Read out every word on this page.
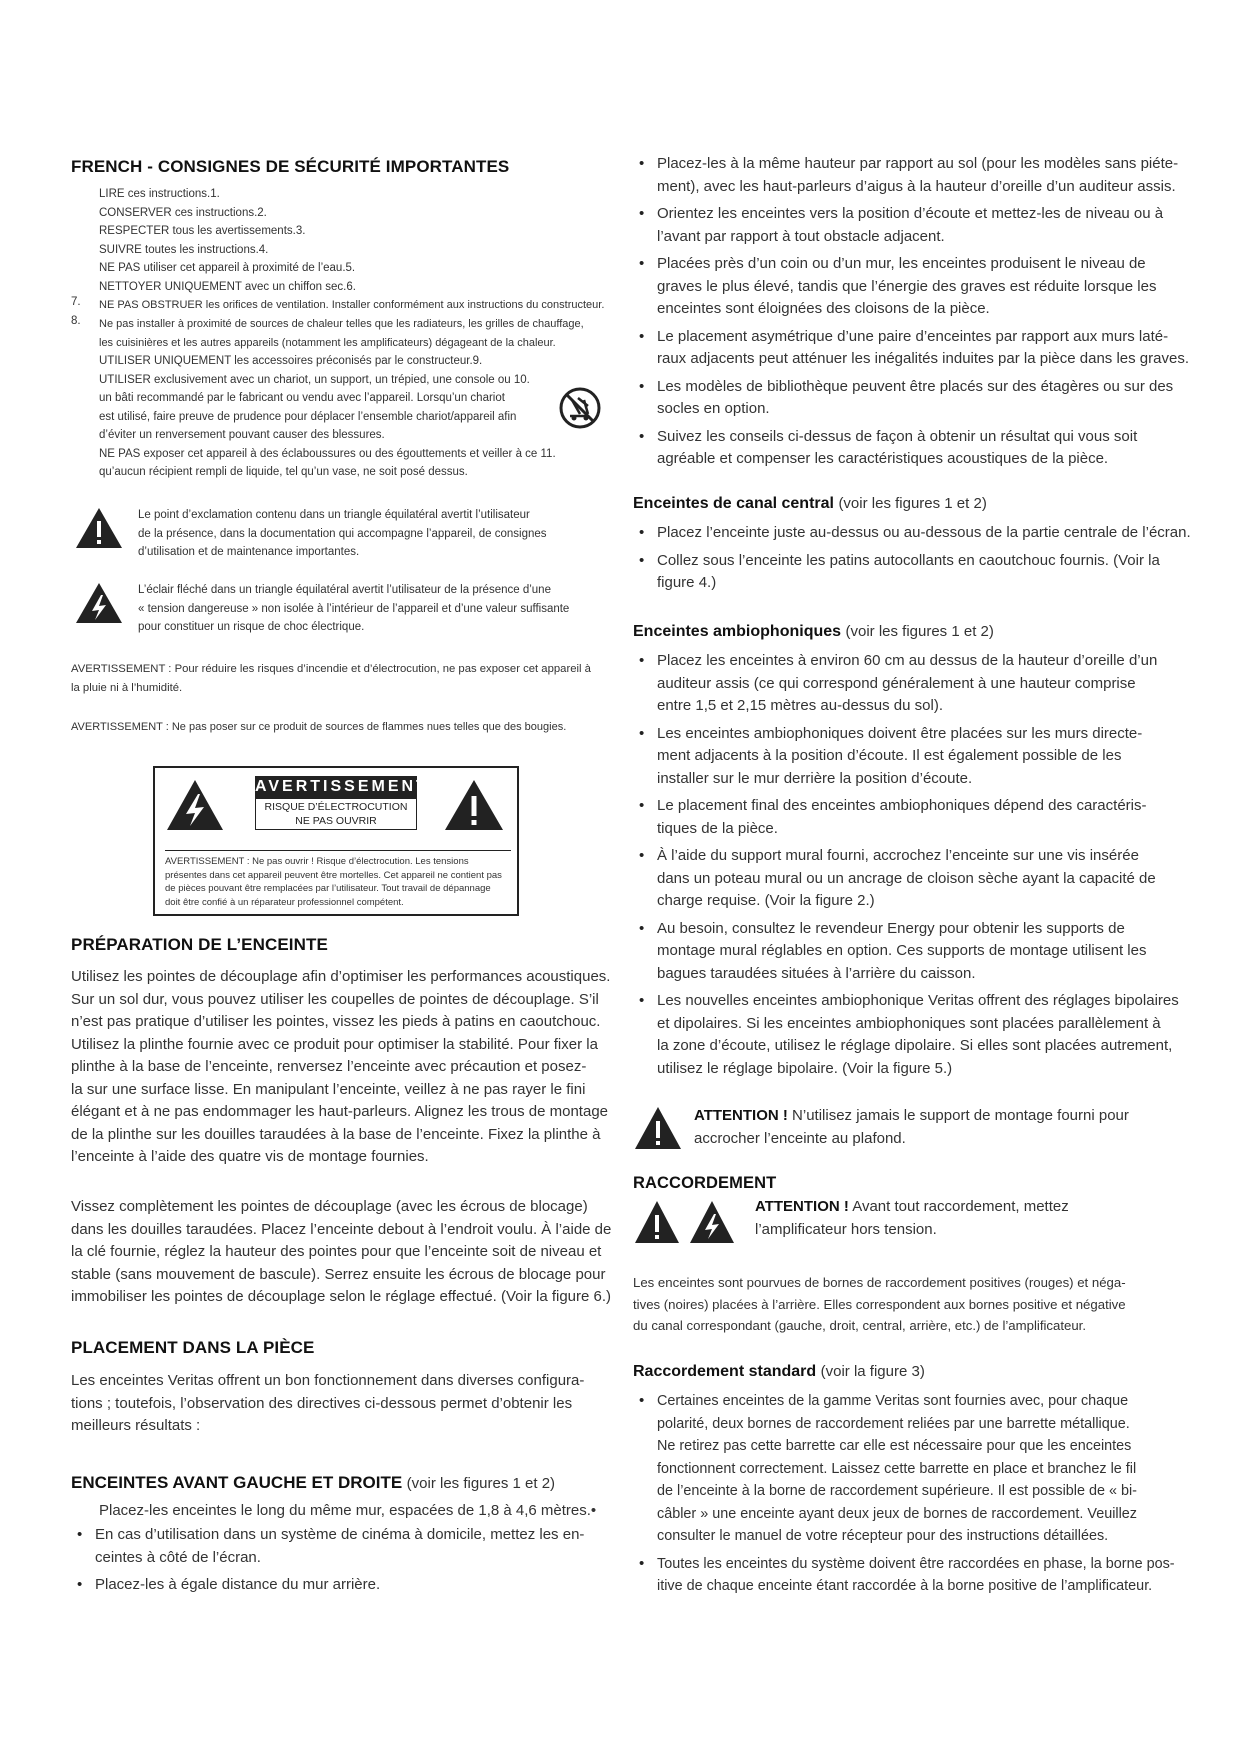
FRENCH - CONSIGNES DE SÉCURITÉ IMPORTANTES
LIRE ces instructions.1.
CONSERVER ces instructions.2.
RESPECTER tous les avertissements.3.
SUIVRE toutes les instructions.4.
NE PAS utiliser cet appareil à proximité de l’eau.5.
NETTOYER UNIQUEMENT avec un chiffon sec.6.
7. NE PAS OBSTRUER les orifices de ventilation. Installer conformément aux instructions du constructeur.
8. Ne pas installer à proximité de sources de chaleur telles que les radiateurs, les grilles de chauffage,
les cuisinières et les autres appareils (notamment les amplificateurs) dégageant de la chaleur.
UTILISER UNIQUEMENT les accessoires préconisés par le constructeur.9.
UTILISER exclusivement avec un chariot, un support, un trépied, une console ou 10.
un bâti recommandé par le fabricant ou vendu avec l’appareil. Lorsqu’un chariot
est utilisé, faire preuve de prudence pour déplacer l’ensemble chariot/appareil afin
d’éviter un renversement pouvant causer des blessures.
NE PAS exposer cet appareil à des éclaboussures ou des égouttements et veiller à ce 11.
qu’aucun récipient rempli de liquide, tel qu’un vase, ne soit posé dessus.
Le point d’exclamation contenu dans un triangle équilatéral avertit l’utilisateur
de la présence, dans la documentation qui accompagne l’appareil, de consignes
d’utilisation et de maintenance importantes.
L’éclair fléché dans un triangle équilatéral avertit l’utilisateur de la présence d’une
« tension dangereuse » non isolée à l’intérieur de l’appareil et d’une valeur suffisante
pour constituer un risque de choc électrique.
AVERTISSEMENT : Pour réduire les risques d’incendie et d’électrocution, ne pas exposer cet appareil à
la pluie ni à l’humidité.
AVERTISSEMENT : Ne pas poser sur ce produit de sources de flammes nues telles que des bougies.
AVERTISSEMENT
RISQUE D’ÉLECTROCUTION
NE PAS OUVRIR
AVERTISSEMENT : Ne pas ouvrir ! Risque d’électrocution. Les tensions
présentes dans cet appareil peuvent être mortelles. Cet appareil ne contient pas
de pièces pouvant être remplacées par l’utilisateur. Tout travail de dépannage
doit être confié à un réparateur professionnel compétent.
PRÉPARATION DE L’ENCEINTE
Utilisez les pointes de découplage afin d’optimiser les performances acoustiques.
Sur un sol dur, vous pouvez utiliser les coupelles de pointes de découplage. S’il
n’est pas pratique d’utiliser les pointes, vissez les pieds à patins en caoutchouc.
Utilisez la plinthe fournie avec ce produit pour optimiser la stabilité. Pour fixer la
plinthe à la base de l’enceinte, renversez l’enceinte avec précaution et posez-
la sur une surface lisse. En manipulant l’enceinte, veillez à ne pas rayer le fini
élégant et à ne pas endommager les haut-parleurs. Alignez les trous de montage
de la plinthe sur les douilles taraudées à la base de l’enceinte. Fixez la plinthe à
l’enceinte à l’aide des quatre vis de montage fournies.
Vissez complètement les pointes de découplage (avec les écrous de blocage)
dans les douilles taraudées. Placez l’enceinte debout à l’endroit voulu. À l’aide de
la clé fournie, réglez la hauteur des pointes pour que l’enceinte soit de niveau et
stable (sans mouvement de bascule). Serrez ensuite les écrous de blocage pour
immobiliser les pointes de découplage selon le réglage effectué. (Voir la figure 6.)
PLACEMENT DANS LA PIÈCE
Les enceintes Veritas offrent un bon fonctionnement dans diverses configura-
tions ; toutefois, l’observation des directives ci-dessous permet d’obtenir les
meilleurs résultats :
ENCEINTES AVANT GAUCHE ET DROITE (voir les figures 1 et 2)
Placez-les enceintes le long du même mur, espacées de 1,8 à 4,6 mètres.•
• En cas d’utilisation dans un système de cinéma à domicile, mettez les en-
ceintes à côté de l’écran.
• Placez-les à égale distance du mur arrière.
• Placez-les à la même hauteur par rapport au sol (pour les modèles sans piéte-
ment), avec les haut-parleurs d’aigus à la hauteur d’oreille d’un auditeur assis.
• Orientez les enceintes vers la position d’écoute et mettez-les de niveau ou à
l’avant par rapport à tout obstacle adjacent.
• Placées près d’un coin ou d’un mur, les enceintes produisent le niveau de
graves le plus élevé, tandis que l’énergie des graves est réduite lorsque les
enceintes sont éloignées des cloisons de la pièce.
• Le placement asymétrique d’une paire d’enceintes par rapport aux murs laté-
raux adjacents peut atténuer les inégalités induites par la pièce dans les graves.
• Les modèles de bibliothèque peuvent être placés sur des étagères ou sur des
socles en option.
• Suivez les conseils ci-dessus de façon à obtenir un résultat qui vous soit
agréable et compenser les caractéristiques acoustiques de la pièce.
Enceintes de canal central (voir les figures 1 et 2)
• Placez l’enceinte juste au-dessus ou au-dessous de la partie centrale de l’écran.
• Collez sous l’enceinte les patins autocollants en caoutchouc fournis. (Voir la
figure 4.)
Enceintes ambiophoniques (voir les figures 1 et 2)
• Placez les enceintes à environ 60 cm au dessus de la hauteur d’oreille d’un
auditeur assis (ce qui correspond généralement à une hauteur comprise
entre 1,5 et 2,15 mètres au-dessus du sol).
• Les enceintes ambiophoniques doivent être placées sur les murs directe-
ment adjacents à la position d’écoute. Il est également possible de les
installer sur le mur derrière la position d’écoute.
• Le placement final des enceintes ambiophoniques dépend des caractéris-
tiques de la pièce.
• À l’aide du support mural fourni, accrochez l’enceinte sur une vis insérée
dans un poteau mural ou un ancrage de cloison sèche ayant la capacité de
charge requise. (Voir la figure 2.)
• Au besoin, consultez le revendeur Energy pour obtenir les supports de
montage mural réglables en option. Ces supports de montage utilisent les
bagues taraudées situées à l’arrière du caisson.
• Les nouvelles enceintes ambiophonique Veritas offrent des réglages bipolaires
et dipolaires. Si les enceintes ambiophoniques sont placées parallèlement à
la zone d’écoute, utilisez le réglage dipolaire. Si elles sont placées autrement,
utilisez le réglage bipolaire. (Voir la figure 5.)
ATTENTION ! N’utilisez jamais le support de montage fourni pour
accrocher l’enceinte au plafond.
RACCORDEMENT
ATTENTION ! Avant tout raccordement, mettez
l’amplificateur hors tension.
Les enceintes sont pourvues de bornes de raccordement positives (rouges) et néga-
tives (noires) placées à l’arrière. Elles correspondent aux bornes positive et négative
du canal correspondant (gauche, droit, central, arrière, etc.) de l’amplificateur.
Raccordement standard (voir la figure 3)
• Certaines enceintes de la gamme Veritas sont fournies avec, pour chaque
polarité, deux bornes de raccordement reliées par une barrette métallique.
Ne retirez pas cette barrette car elle est nécessaire pour que les enceintes
fonctionnent correctement. Laissez cette barrette en place et branchez le fil
de l’enceinte à la borne de raccordement supérieure. Il est possible de « bi-
câbler » une enceinte ayant deux jeux de bornes de raccordement. Veuillez
consulter le manuel de votre récepteur pour des instructions détaillées.
• Toutes les enceintes du système doivent être raccordées en phase, la borne pos-
itive de chaque enceinte étant raccordée à la borne positive de l’amplificateur.
